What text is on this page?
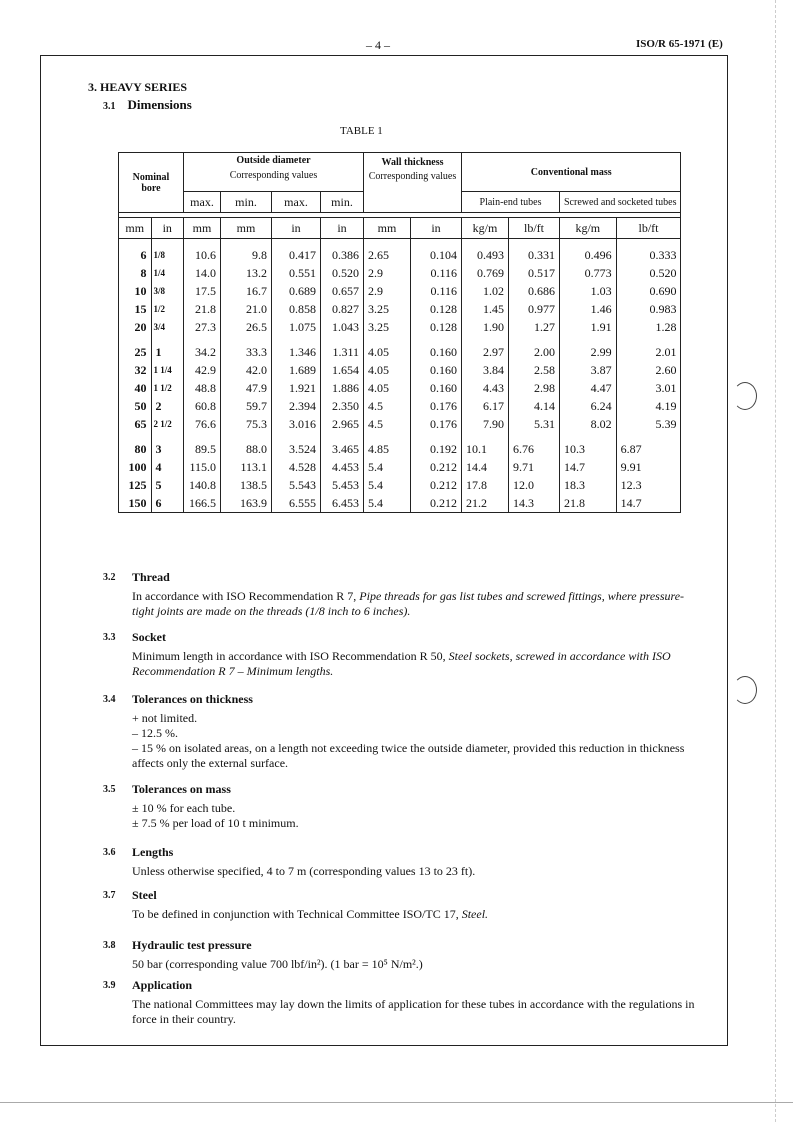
– 4 –	ISO/R 65-1971 (E)
3. HEAVY SERIES
3.1 Dimensions
TABLE 1
Nominal bore		Outside diameter
Corresponding values				Wall thickness
Corresponding values		Conventional mass			
		max.	min.	max.	min.			Plain-end tubes		Screwed and socketed tubes	

mm	in	mm	mm	in	in	mm	in	kg/m	lb/ft	kg/m	lb/ft

6	1/8	10.6	9.8	0.417	0.386	2.65	0.104	0.493	0.331	0.496	0.333
8	1/4	14.0	13.2	0.551	0.520	2.9	0.116	0.769	0.517	0.773	0.520
10	3/8	17.5	16.7	0.689	0.657	2.9	0.116	1.02	0.686	1.03	0.690
15	1/2	21.8	21.0	0.858	0.827	3.25	0.128	1.45	0.977	1.46	0.983
20	3/4	27.3	26.5	1.075	1.043	3.25	0.128	1.90	1.27	1.91	1.28

25	1	34.2	33.3	1.346	1.311	4.05	0.160	2.97	2.00	2.99	2.01
32	1 1/4	42.9	42.0	1.689	1.654	4.05	0.160	3.84	2.58	3.87	2.60
40	1 1/2	48.8	47.9	1.921	1.886	4.05	0.160	4.43	2.98	4.47	3.01
50	2	60.8	59.7	2.394	2.350	4.5	0.176	6.17	4.14	6.24	4.19
65	2 1/2	76.6	75.3	3.016	2.965	4.5	0.176	7.90	5.31	8.02	5.39

80	3	89.5	88.0	3.524	3.465	4.85	0.192	10.1	6.76	10.3	6.87
100	4	115.0	113.1	4.528	4.453	5.4	0.212	14.4	9.71	14.7	9.91
125	5	140.8	138.5	5.543	5.453	5.4	0.212	17.8	12.0	18.3	12.3
150	6	166.5	163.9	6.555	6.453	5.4	0.212	21.2	14.3	21.8	14.7
3.2 Thread
In accordance with ISO Recommendation R 7, Pipe threads for gas list tubes and screwed fittings, where pressure-tight joints are made on the threads (1/8 inch to 6 inches).
3.3 Socket
Minimum length in accordance with ISO Recommendation R 50, Steel sockets, screwed in accordance with ISO Recommendation R 7 – Minimum lengths.
3.4 Tolerances on thickness
+ not limited.
– 12.5 %.
– 15 % on isolated areas, on a length not exceeding twice the outside diameter, provided this reduction in thickness affects only the external surface.
3.5 Tolerances on mass
± 10 % for each tube.
± 7.5 % per load of 10 t minimum.
3.6 Lengths
Unless otherwise specified, 4 to 7 m (corresponding values 13 to 23 ft).
3.7 Steel
To be defined in conjunction with Technical Committee ISO/TC 17, Steel.
3.8 Hydraulic test pressure
50 bar (corresponding value 700 lbf/in²). (1 bar = 10⁵ N/m².)
3.9 Application
The national Committees may lay down the limits of application for these tubes in accordance with the regulations in force in their country.
